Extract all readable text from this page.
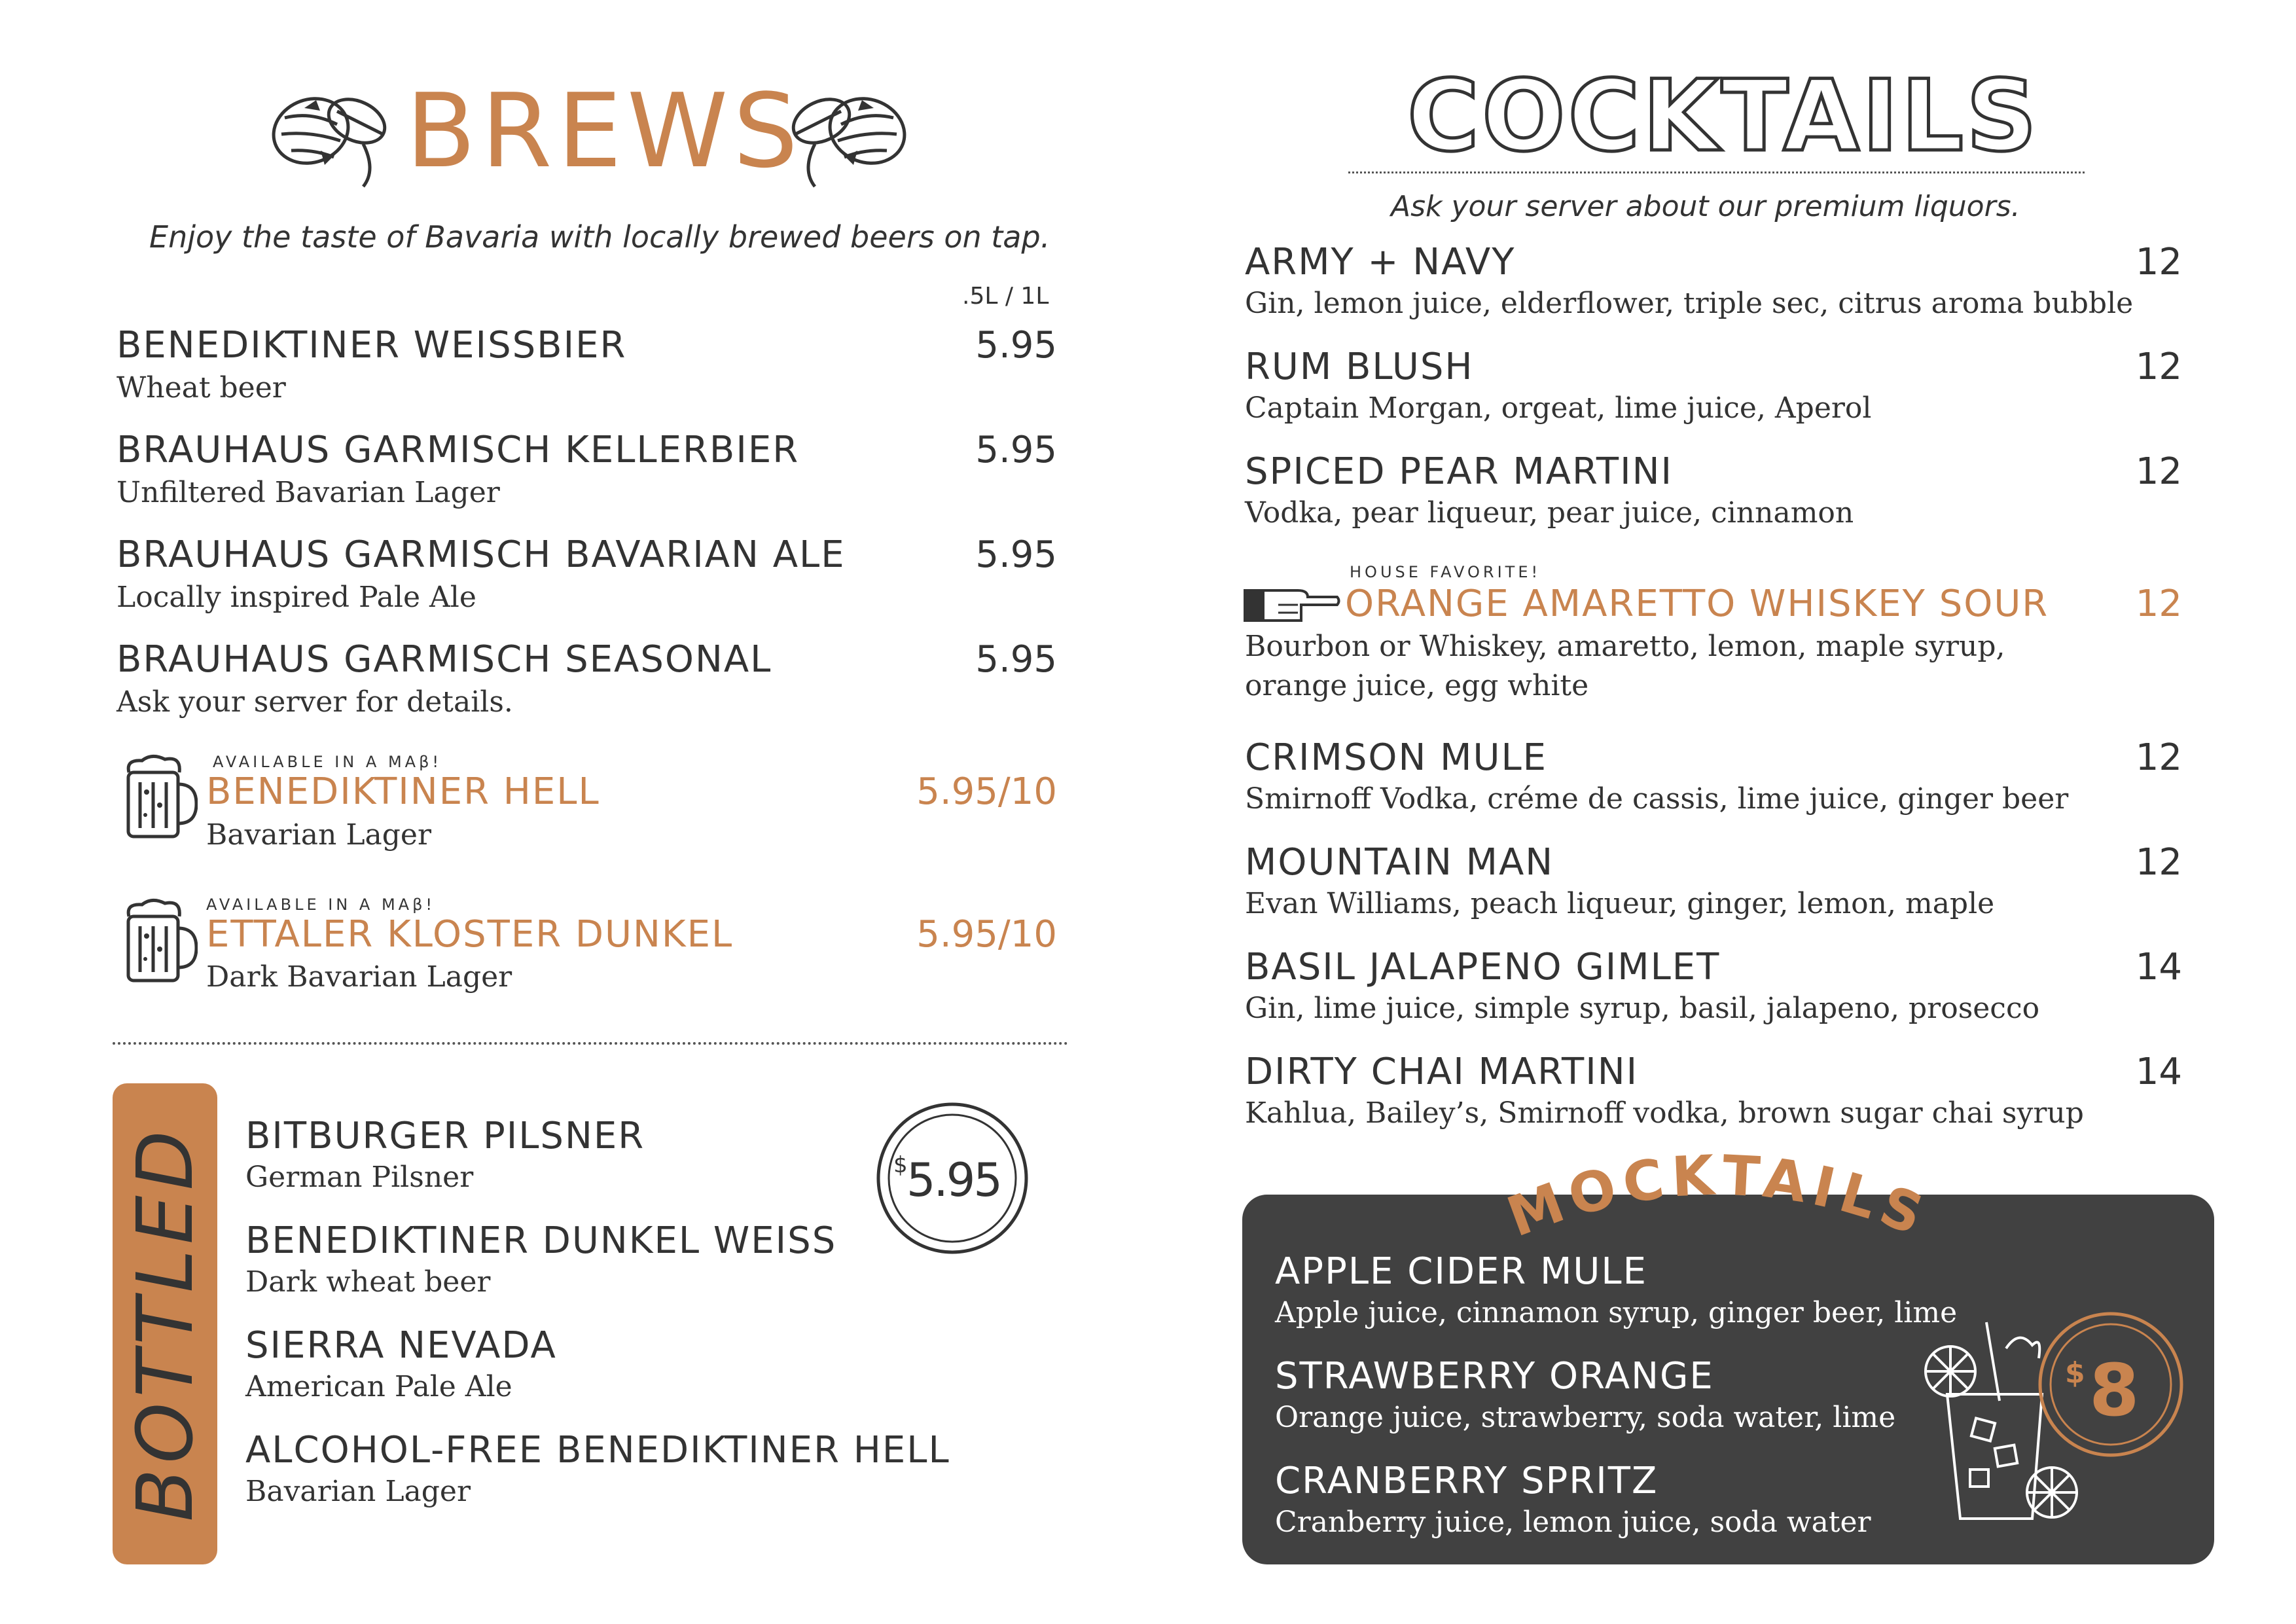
BREWS
Enjoy the taste of Bavaria with locally brewed beers on tap.
.5L / 1L
BENEDIKTINER WEISSBIER	5.95
Wheat beer
BRAUHAUS GARMISCH KELLERBIER	5.95
Unfiltered Bavarian Lager
BRAUHAUS GARMISCH BAVARIAN ALE	5.95
Locally inspired Pale Ale
BRAUHAUS GARMISCH SEASONAL	5.95
Ask your server for details.
AVAILABLE IN A MAβ!
BENEDIKTINER HELL	5.95/10
Bavarian Lager
AVAILABLE IN A MAβ!
ETTALER KLOSTER DUNKEL	5.95/10
Dark Bavarian Lager
BOTTLED BITBURGER PILSNER
German Pilsner
BENEDIKTINER DUNKEL WEISS
Dark wheat beer
SIERRA NEVADA
American Pale Ale
ALCOHOL-FREE BENEDIKTINER HELL
Bavarian Lager
$
5.95
COCKTAILS
Ask your server about our premium liquors.
ARMY + NAVY	12
Gin, lemon juice, elderflower, triple sec, citrus aroma bubble
RUM BLUSH	12
Captain Morgan, orgeat, lime juice, Aperol
SPICED PEAR MARTINI	12
Vodka, pear liqueur, pear juice, cinnamon
HOUSE FAVORITE!
ORANGE AMARETTO WHISKEY SOUR 12
Bourbon or Whiskey, amaretto, lemon, maple syrup,
orange juice, egg white
CRIMSON MULE	12
Smirnoff Vodka, créme de cassis, lime juice, ginger beer
MOUNTAIN MAN	12
Evan Williams, peach liqueur, ginger, lemon, maple
BASIL JALAPENO GIMLET	14
Gin, lime juice, simple syrup, basil, jalapeno, prosecco
DIRTY CHAI MARTINI	14
Kahlua, Bailey’s, Smirnoff vodka, brown sugar chai syrup
MOCKTAIL
APPLE CIDER MULE
Apple juice, cinnamon syrup, ginger beer, lime
STRAWBERRY ORANGE
Orange juice, strawberry, soda water, lime
CRANBERRY SPRITZ
Cranberry juice, lemon juice, soda water
$ 8
